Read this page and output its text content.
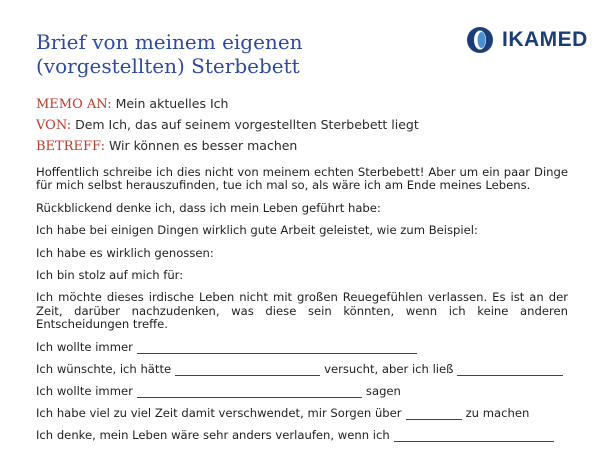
Brief von meinem eigenen
(vorgestellten) Sterbebett
IKAMED
MEMO AN: Mein aktuelles Ich
VON: Dem Ich, das auf seinem vorgestellten Sterbebett liegt
BETREFF: Wir können es besser machen

Hoffentlich schreibe ich dies nicht von meinem echten Sterbebett! Aber um ein paar Dinge für mich selbst herauszufinden, tue ich mal so, als wäre ich am Ende meines Lebens.

Rückblickend denke ich, dass ich mein Leben geführt habe:

Ich habe bei einigen Dingen wirklich gute Arbeit geleistet, wie zum Beispiel:

Ich habe es wirklich genossen:

Ich bin stolz auf mich für:

Ich möchte dieses irdische Leben nicht mit großen Reuegefühlen verlassen. Es ist an der Zeit, darüber nachzudenken, was diese sein könnten, wenn ich keine anderen Entscheidungen treffe.

Ich wollte immer
Ich wünschte, ich hätte	versucht, aber ich ließ
Ich wollte immer	sagen
Ich habe viel zu viel Zeit damit verschwendet, mir Sorgen über	zu machen
Ich denke, mein Leben wäre sehr anders verlaufen, wenn ich
